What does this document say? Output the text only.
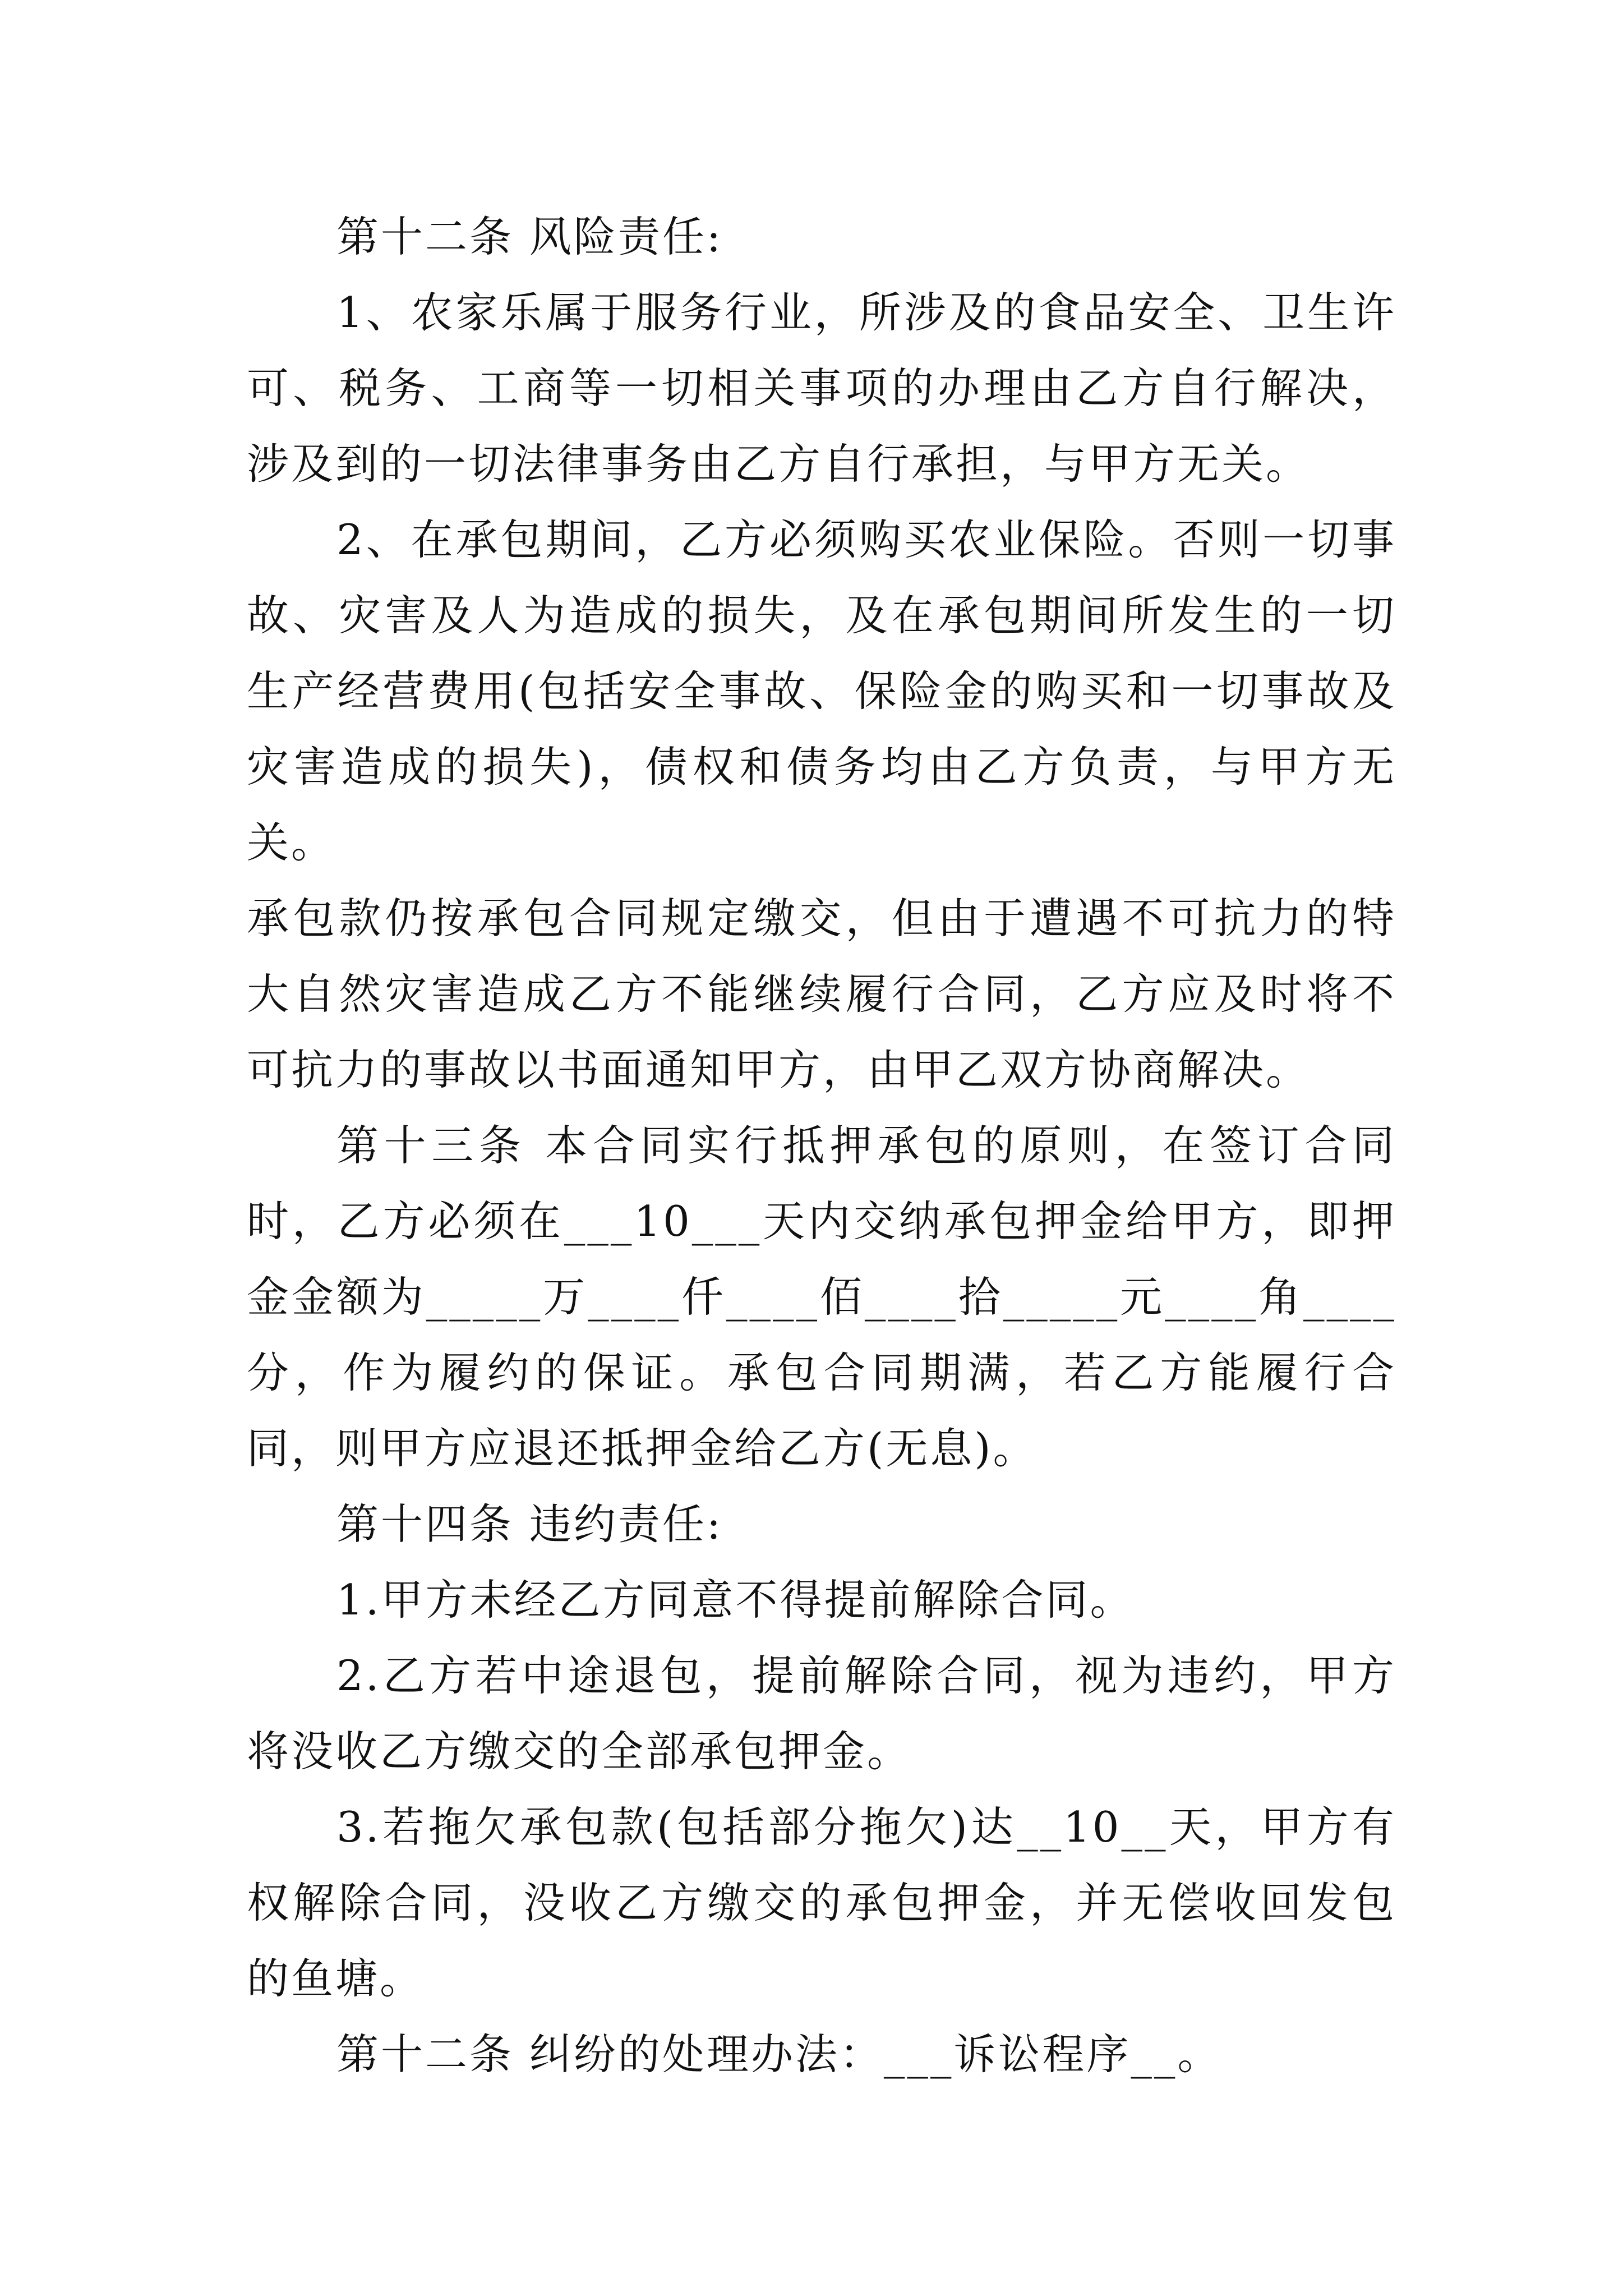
第十二条 风险责任:

1、农家乐属于服务行业，所涉及的食品安全、卫生许可、税务、工商等一切相关事项的办理由乙方自行解决，涉及到的一切法律事务由乙方自行承担，与甲方无关。

2、在承包期间，乙方必须购买农业保险。否则一切事故、灾害及人为造成的损失，及在承包期间所发生的一切生产经营费用(包括安全事故、保险金的购买和一切事故及灾害造成的损失)，债权和债务均由乙方负责，与甲方无关。

承包款仍按承包合同规定缴交，但由于遭遇不可抗力的特大自然灾害造成乙方不能继续履行合同，乙方应及时将不可抗力的事故以书面通知甲方，由甲乙双方协商解决。

第十三条 本合同实行抵押承包的原则，在签订合同时，乙方必须在___10___天内交纳承包押金给甲方，即押金金额为_____万____仟____佰____拾_____元____角____分，作为履约的保证。承包合同期满，若乙方能履行合同，则甲方应退还抵押金给乙方(无息)。

第十四条 违约责任:

1.甲方未经乙方同意不得提前解除合同。

2.乙方若中途退包，提前解除合同，视为违约，甲方将没收乙方缴交的全部承包押金。

3.若拖欠承包款(包括部分拖欠)达__10__天，甲方有权解除合同，没收乙方缴交的承包押金，并无偿收回发包的鱼塘。

第十二条 纠纷的处理办法：___诉讼程序__。
